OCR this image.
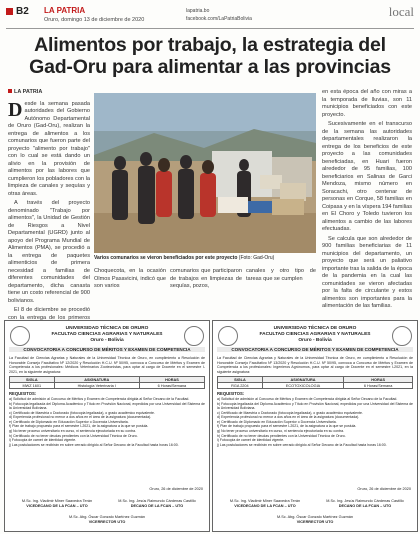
B2 LA PATRIA
Oruro, domingo 13 de diciembre de 2020
lapatria.bo
facebook.com/LaPatriaBolivia	local
Alimentos por trabajo, la estrategia del Gad-Oru para alimentar a las provincias
LA PATRIA

Desde la semana pasada autoridades del Gobierno Autónomo Departamental de Oruro (Gad-Oru), realizan la entrega de alimentos a los comunarios que fueron parte del proyecto "alimento por trabajo" con lo cual se está dando un alivio en la provisión de alimentos por las labores que cumplieron los pobladores con la limpieza de canales y sequías y otras áreas.

A través del proyecto denominado "Trabajo por alimentos", la Unidad de Gestión de Riesgos a Nivel Departamental (UGRD) junto al apoyo del Programa Mundial de Alimentos (PMA), se procedió a la entrega de paquetes alimenticios de primera necesidad a familias de diferentes comunidades del departamento, dicha canasta tiene un costo referencial de 900 bolivianos.

El 8 de diciembre se procedió con la entrega de los primeros

Varios comunarios se vieron beneficiados por este proyecto (Foto: Gad-Oru)
Choquecota, en la ocasión Olmos Pasavicini, indicó que son varios
comunarios que participaron de trabajos en limpiezas de sequías, pozos,
canales y otro tipo de tareas que se cumplen

en esta época del año con miras a la temporada de lluvias, son 11 municipios beneficiados con este proyecto.

Sucesivamente en el transcurso de la semana las autoridades departamentales realizaron la entrega de los beneficios de este proyecto a las comunidades beneficiadas, en Huari fueron alrededor de 95 familias, 100 beneficiarios en Salinas de Garci Mendoza, mismo número en Soracachi, otro centenar de personas en Corque, 58 familias en Coipasa y en la víspera 194 familias en El Choro y Toledo tuvieron los alimentos a cambio de las labores efectuadas.

Se calcula que son alrededor de 900 familias beneficiarias de 11 municipios del departamento, un proyecto que será un paliativo importante tras la salida de la época de la pandemia en la cual las comunidades se vieron afectadas por la falta de circulante y estos alimentos son importantes para la alimentación de las familias.

UNIVERSIDAD TÉCNICA DE ORURO
FACULTAD CIENCIAS AGRARIAS Y NATURALES
Oruro - Bolivia
CONVOCATORIA A CONCURSO DE MÉRITOS Y EXAMEN DE COMPETENCIA
La Facultad de Ciencias Agrarias y Naturales de la Universidad Técnica de Oruro, en cumplimiento a Resolución de Honorable Consejo Facultativo Nº 12/2020 y Resolución H.C.U. Nº 50/95, convoca a Concurso de Méritos y Examen de Competencia a los profesionales: Médicos Veterinarios Zootecnistas, para optar al cargo de Docente en el semestre I-2021, en la siguiente asignatura:
SIGLA	ASIGNATURA	HORAS
MWZ 1601	Histología Veterinaria I	6 Horas/Semana
REQUISITOS:
a) Solicitud de admisión al Concurso de Méritos y Examen de Competencia dirigida al Señor Decano de la Facultad.
b) Fotocopia legalizada del Diploma Académico y Título en Provisión Nacional, expedidos por una Universidad del Sistema de la Universidad Boliviana.
c) Certificado de Maestría o Doctorado (fotocopia legalizada), o grado académico equivalente.
d) Experiencia profesional no menor a dos años en el área de la asignatura (documentada).
e) Certificado de Diplomado en Educación Superior o Docencia Universitaria.
f) Plan de trabajo propuesto para el semestre I-2021, de la asignatura a la que se postula.
g) No tener proceso universitario en curso, ni sentencia ejecutoriada en su contra.
h) Certificado de no tener deudas pendientes con la Universidad Técnica de Oruro.
i) Fotocopia de carnet de identidad vigente.
j) Las postulaciones se recibirán en sobre cerrado dirigido al Señor Decano de la Facultad hasta horas 16:00.
Oruro, 26 de diciembre de 2020
M.Sc. Ing. Vladimir Miner Saavedra Terán
VICEDECANO DE LA FCAN – UTO
M.Sc. Ing. Jesús Raimundo Cárdenas Castillo
DECANO DE LA FCAN – UTO
M.Sc. Abg. Óscar Gonzalo Martínez Guzmán
VICERRECTOR UTO
UNIVERSIDAD TÉCNICA DE ORURO
FACULTAD CIENCIAS AGRARIAS Y NATURALES
Oruro - Bolivia
CONVOCATORIA A CONCURSO DE MÉRITOS Y EXAMEN DE COMPETENCIA
La Facultad de Ciencias Agrarias y Naturales de la Universidad Técnica de Oruro, en cumplimiento a Resolución de Honorable Consejo Facultativo Nº 13/2020 y Resolución H.C.U. Nº 50/95, convoca a Concurso de Méritos y Examen de Competencia a los profesionales: Ingenieros Agrónomos, para optar al cargo de Docente en el semestre I-2021, en la siguiente asignatura:
SIGLA	ASIGNATURA	HORAS
RGA 2204	ECOTOXICOLOGIA	6 Horas/Semana
REQUISITOS:
a) Solicitud de admisión al Concurso de Méritos y Examen de Competencia dirigida al Señor Decano de la Facultad.
b) Fotocopia legalizada del Diploma Académico y Título en Provisión Nacional, expedidos por una Universidad del Sistema de la Universidad Boliviana.
c) Certificado de Maestría o Doctorado (fotocopia legalizada), o grado académico equivalente.
d) Experiencia profesional no menor a dos años en el área de la asignatura (documentada).
e) Certificado de Diplomado en Educación Superior o Docencia Universitaria.
f) Plan de trabajo propuesto para el semestre I-2021, de la asignatura a la que se postula.
g) No tener proceso universitario en curso, ni sentencia ejecutoriada en su contra.
h) Certificado de no tener deudas pendientes con la Universidad Técnica de Oruro.
i) Fotocopia de carnet de identidad vigente.
j) Las postulaciones se recibirán en sobre cerrado dirigido al Señor Decano de la Facultad hasta horas 16:00.
Oruro, 26 de diciembre de 2020
M.Sc. Ing. Vladimir Miner Saavedra Terán
VICEDECANO DE LA FCAN – UTO
M.Sc. Ing. Jesús Raimundo Cárdenas Castillo
DECANO DE LA FCAN – UTO
M.Sc. Abg. Óscar Gonzalo Martínez Guzmán
VICERRECTOR UTO
